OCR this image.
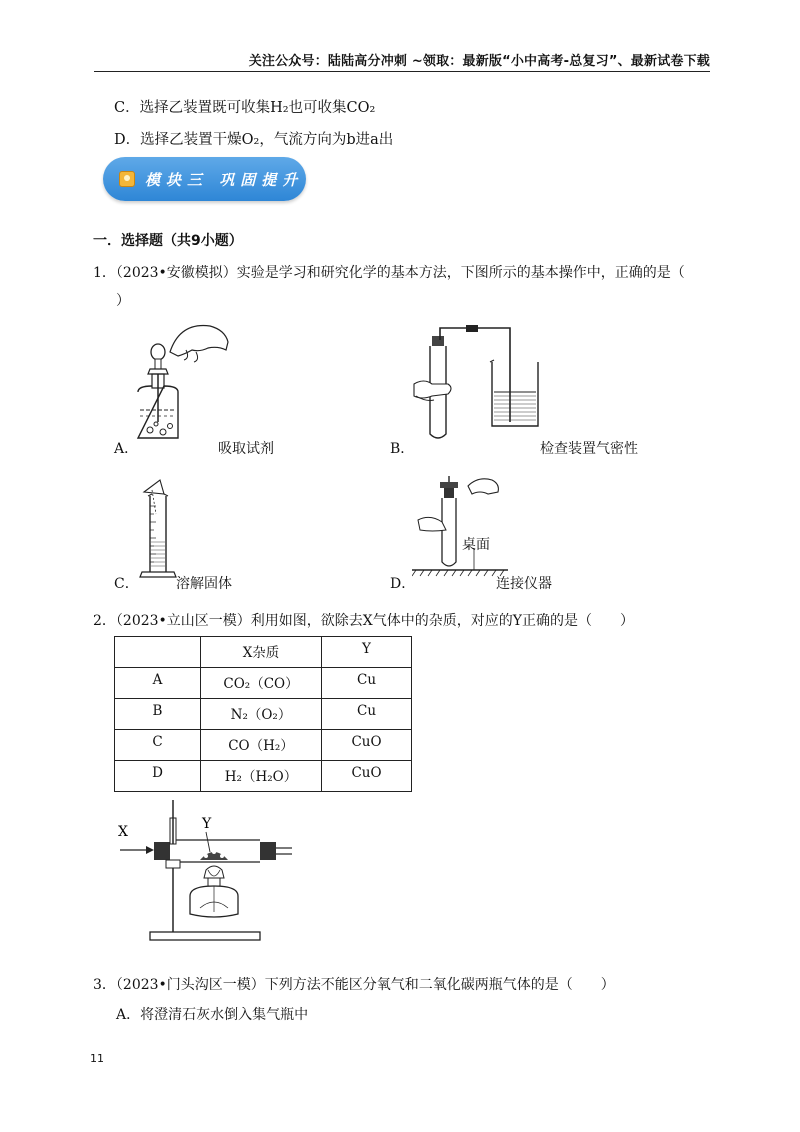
关注公众号：陆陆高分冲刺 ~领取：最新版“小中高考-总复习”、最新试卷下载
C．选择乙装置既可收集H₂也可收集CO₂
D．选择乙装置干燥O₂，气流方向为b进a出
模块三 巩固提升
一．选择题（共9小题）
1．（2023•安徽模拟）实验是学习和研究化学的基本方法，下图所示的基本操作中，正确的是（
）
A．	吸取试剂	B．	检查装置气密性
C．	溶解固体
桌面
D．	连接仪器
2．（2023•立山区一模）利用如图，欲除去X气体中的杂质，对应的Y正确的是（　　）
	X杂质	Y
A	CO₂（CO）	Cu
B	N₂（O₂）	Cu
C	CO（H₂）	CuO
D	H₂（H₂O）	CuO
X	Y
3．（2023•门头沟区一模）下列方法不能区分氧气和二氧化碳两瓶气体的是（　　）
A．将澄清石灰水倒入集气瓶中
11
